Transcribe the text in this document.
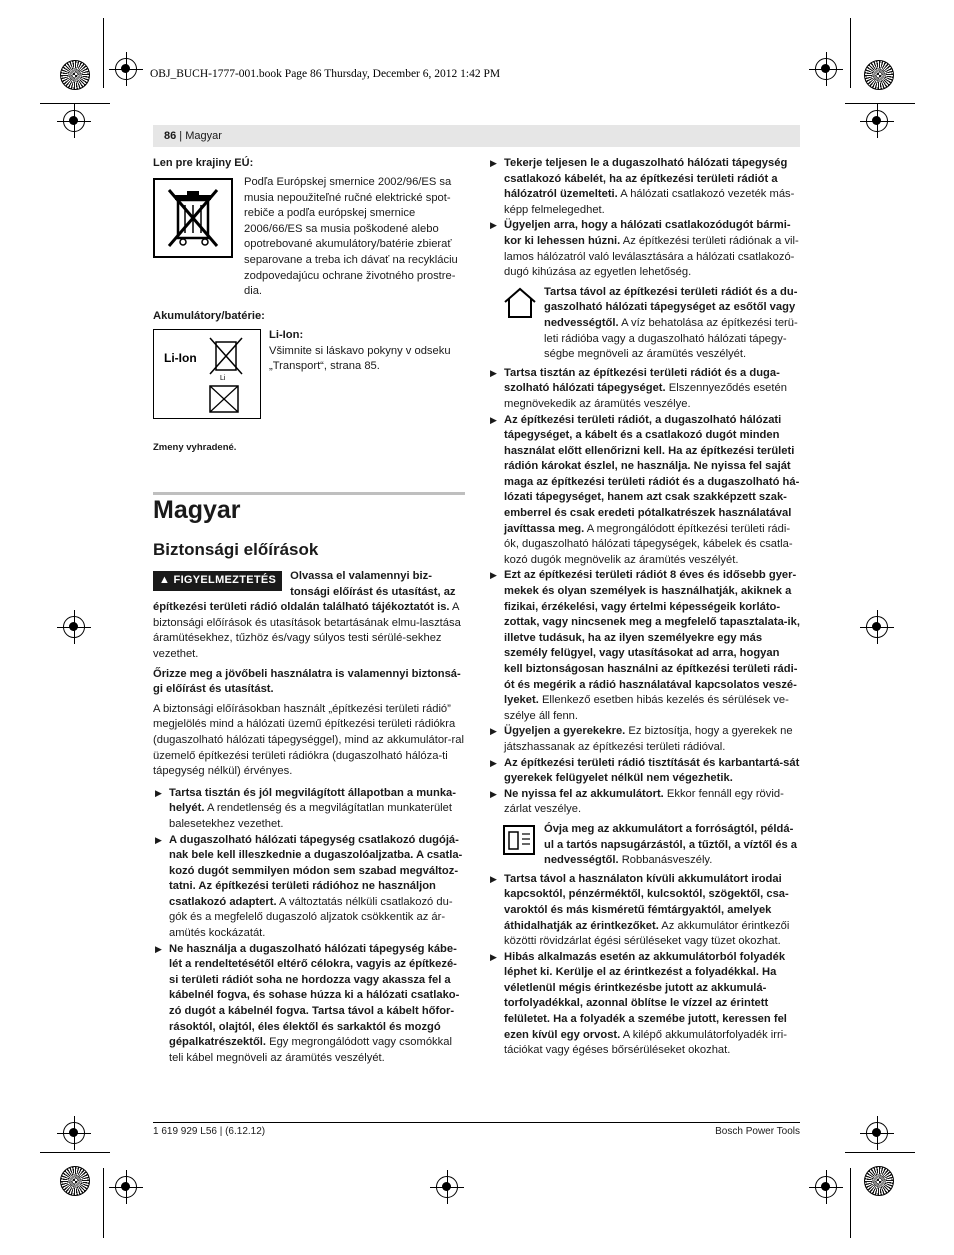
OBJ_BUCH-1777-001.book Page 86 Thursday, December 6, 2012 1:42 PM
86 | Magyar

Len pre krajiny EÚ:

Podľa Európskej smernice 2002/96/ES sa musia nepoužiteľné ručné elektrické spot-rebiče a podľa európskej smernice 2006/66/ES sa musia poškodené alebo opotrebované akumulátory/batérie zbierať separovane a treba ich dávať na recykláciu zodpovedajúcu ochrane životného prostre-dia.

Akumulátory/batérie:

Li-Ion
Li

Li-Ion:

Všimnite si láskavo pokyny v odseku „Transport“, strana 85.

Zmeny vyhradené.

Magyar
Biztonsági előírások
▲ FIGYELMEZTETÉS	Olvassa el valamennyi biz-tonsági előírást és utasítást, az építkezési területi rádió oldalán található tájékoztatót is. A biztonsági előírások és utasítások betartásának elmu-lasztása áramütésekhez, tűzhöz és/vagy súlyos testi sérülé-sekhez vezethet.

Őrizze meg a jövőbeli használatra is valamennyi biztonsá-gi előírást és utasítást.

A biztonsági előírásokban használt „építkezési területi rádió” megjelölés mind a hálózati üzemű építkezési területi rádiókra (dugaszolható hálózati tápegységgel), mind az akkumulátor-ral üzemelő építkezési területi rádiókra (dugaszolható hálóza-ti tápegység nélkül) érvényes.

▶ Tartsa tisztán és jól megvilágított állapotban a munka-helyét. A rendetlenség és a megvilágítatlan munkaterület balesetekhez vezethet.

▶ A dugaszolható hálózati tápegység csatlakozó dugójá-nak bele kell illeszkednie a dugaszolóaljzatba. A csatla-kozó dugót semmilyen módon sem szabad megváltoz-tatni. Az építkezési területi rádióhoz ne használjon csatlakozó adaptert. A változtatás nélküli csatlakozó du-gók és a megfelelő dugaszoló aljzatok csökkentik az ár-amütés kockázatát.

▶ Ne használja a dugaszolható hálózati tápegység kábe-lét a rendeltetésétől eltérő célokra, vagyis az építkezé-si területi rádiót soha ne hordozza vagy akassza fel a kábelnél fogva, és sohase húzza ki a hálózati csatlako-zó dugót a kábelnél fogva. Tartsa távol a kábelt hőfor-rásoktól, olajtól, éles élektől és sarkaktól és mozgó gépalkatrészektől. Egy megrongálódott vagy csomókkal teli kábel megnöveli az áramütés veszélyét.

▶ Tekerje teljesen le a dugaszolható hálózati tápegység csatlakozó kábelét, ha az építkezési területi rádiót a hálózatról üzemelteti. A hálózati csatlakozó vezeték más-képp felmelegedhet.

▶ Ügyeljen arra, hogy a hálózati csatlakozódugót bármi-kor ki lehessen húzni. Az építkezési területi rádiónak a vil-lamos hálózatról való leválasztására a hálózati csatlakozó-dugó kihúzása az egyetlen lehetőség.

Tartsa távol az építkezési területi rádiót és a du-gaszolható hálózati tápegységet az esőtől vagy nedvességtől. A víz behatolása az építkezési terü-leti rádióba vagy a dugaszolható hálózati tápegy-ségbe megnöveli az áramütés veszélyét.

▶ Tartsa tisztán az építkezési területi rádiót és a duga-szolható hálózati tápegységet. Elszennyeződés esetén megnövekedik az áramütés veszélye.

▶ Az építkezési területi rádiót, a dugaszolható hálózati tápegységet, a kábelt és a csatlakozó dugót minden használat előtt ellenőrizni kell. Ha az építkezési területi rádión károkat észlel, ne használja. Ne nyissa fel saját maga az építkezési területi rádiót és a dugaszolható há-lózati tápegységet, hanem azt csak szakképzett szak-emberrel és csak eredeti pótalkatrészek használatával javíttassa meg. A megrongálódott építkezési területi rádi-ók, dugaszolható hálózati tápegységek, kábelek és csatla-kozó dugók megnövelik az áramütés veszélyét.

▶ Ezt az építkezési területi rádiót 8 éves és idősebb gyer-mekek és olyan személyek is használhatják, akiknek a fizikai, érzékelési, vagy értelmi képességeik korláto-zottak, vagy nincsenek meg a megfelelő tapasztalata-ik, illetve tudásuk, ha az ilyen személyekre egy más személy felügyel, vagy utasításokat ad arra, hogyan kell biztonságosan használni az építkezési területi rádi-ót és megérik a rádió használatával kapcsolatos veszé-lyeket. Ellenkező esetben hibás kezelés és sérülések ve-szélye áll fenn.

▶ Ügyeljen a gyerekekre. Ez biztosítja, hogy a gyerekek ne játszhassanak az építkezési területi rádióval.

▶ Az építkezési területi rádió tisztítását és karbantartá-sát gyerekek felügyelet nélkül nem végezhetik.

▶ Ne nyissa fel az akkumulátort. Ekkor fennáll egy rövid-zárlat veszélye.

Óvja meg az akkumulátort a forróságtól, példá-ul a tartós napsugárzástól, a tűztől, a víztől és a nedvességtől. Robbanásveszély.

▶ Tartsa távol a használaton kívüli akkumulátort irodai kapcsoktól, pénzérméktől, kulcsoktól, szögektől, csa-varoktól és más kisméretű fémtárgyaktól, amelyek áthidalhatják az érintkezőket. Az akkumulátor érintkezői közötti rövidzárlat égési sérüléseket vagy tüzet okozhat.

▶ Hibás alkalmazás esetén az akkumulátorból folyadék léphet ki. Kerülje el az érintkezést a folyadékkal. Ha véletlenül mégis érintkezésbe jutott az akkumulá-torfolyadékkal, azonnal öblítse le vízzel az érintett felületet. Ha a folyadék a szemébe jutott, keressen fel ezen kívül egy orvost. A kilépő akkumulátorfolyadék irri-tációkat vagy égéses bőrsérüléseket okozhat.

1 619 929 L56 | (6.12.12)	Bosch Power Tools
